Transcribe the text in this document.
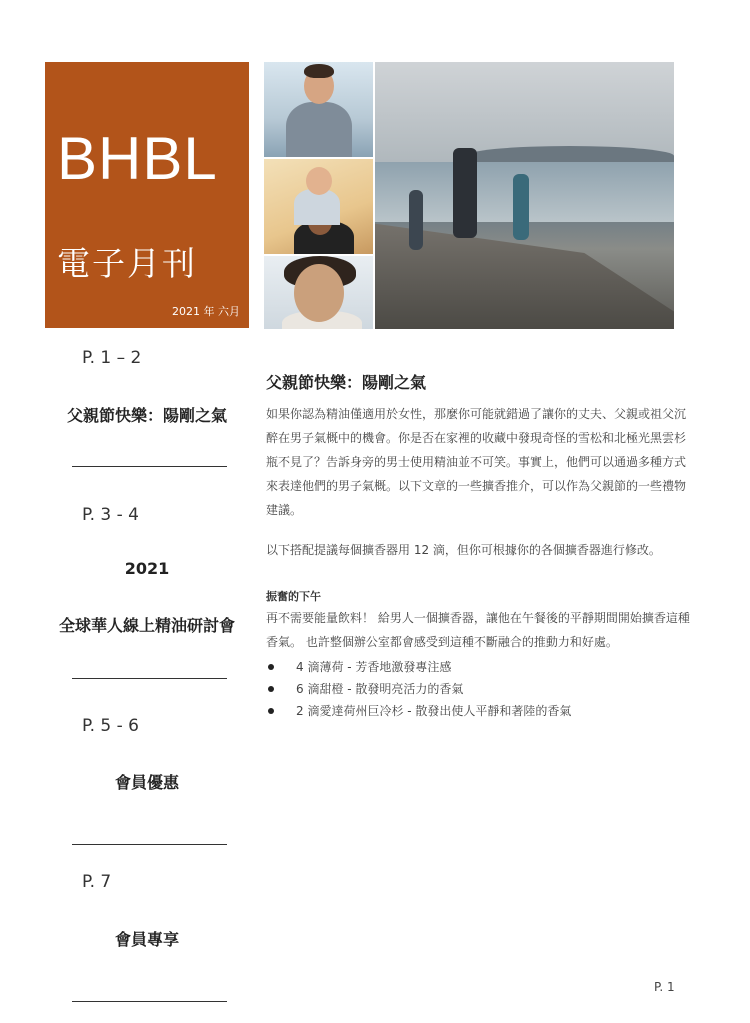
BHBL
電子月刊
2021 年 六月
P. 1 – 2
父親節快樂：陽剛之氣
P. 3 - 4
2021
全球華人線上精油研討會
P. 5 - 6
會員優惠
P. 7
會員專享
父親節快樂：陽剛之氣
如果你認為精油僅適用於女性，那麼你可能就錯過了讓你的丈夫、父親或祖父沉醉在男子氣概中的機會。你是否在家裡的收藏中發現奇怪的雪松和北極光黑雲杉瓶不見了？告訴身旁的男士使用精油並不可笑。事實上，他們可以通過多種方式來表達他們的男子氣概。以下文章的一些擴香推介，可以作為父親節的一些禮物建議。
以下搭配提議每個擴香器用 12 滴，但你可根據你的各個擴香器進行修改。
振奮的下午
再不需要能量飲料！ 給男人一個擴香器，讓他在午餐後的平靜期間開始擴香這種香氣。 也許整個辦公室都會感受到這種不斷融合的推動力和好處。
4 滴薄荷 - 芳香地激發專注感
6 滴甜橙 - 散發明亮活力的香氣
2 滴愛達荷州巨冷杉 - 散發出使人平靜和著陸的香氣
P. 1
